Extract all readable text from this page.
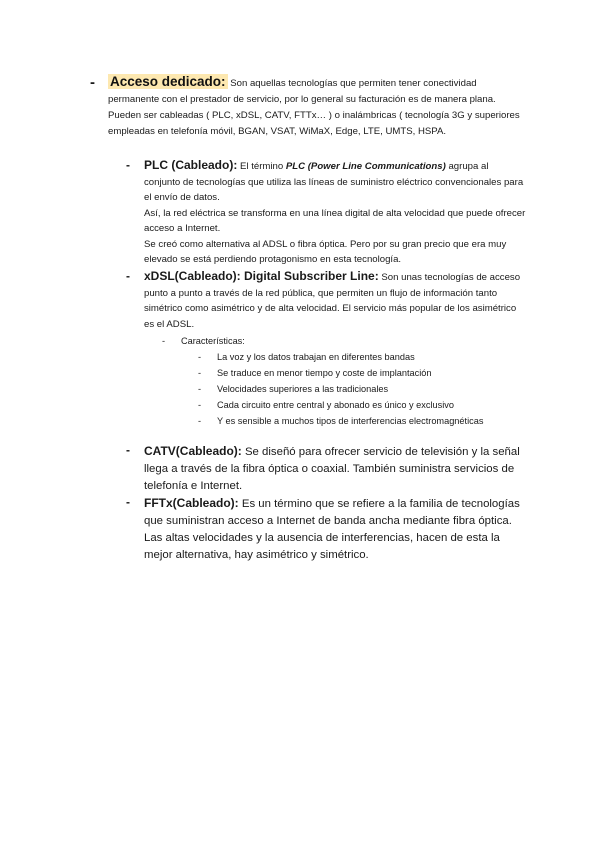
- Acceso dedicado: Son aquellas tecnologías que permiten tener conectividad permanente con el prestador de servicio, por lo general su facturación es de manera plana. Pueden ser cableadas ( PLC, xDSL, CATV, FTTx… ) o inalámbricas ( tecnología 3G y superiores empleadas en telefonía móvil, BGAN, VSAT, WiMaX, Edge, LTE, UMTS, HSPA.
- PLC (Cableado): El término PLC (Power Line Communications) agrupa al conjunto de tecnologías que utiliza las líneas de suministro eléctrico convencionales para el envío de datos.
Así, la red eléctrica se transforma en una línea digital de alta velocidad que puede ofrecer acceso a Internet.
Se creó como alternativa al ADSL o fibra óptica. Pero por su gran precio que era muy elevado se está perdiendo protagonismo en esta tecnología.
- xDSL(Cableado): Digital Subscriber Line: Son unas tecnologías de acceso punto a punto a través de la red pública, que permiten un flujo de información tanto simétrico como asimétrico y de alta velocidad. El servicio más popular de los asimétrico es el ADSL.
- Características:
- La voz y los datos trabajan en diferentes bandas
- Se traduce en menor tiempo y coste de implantación
- Velocidades superiores a las tradicionales
- Cada circuito entre central y abonado es único y exclusivo
- Y es sensible a muchos tipos de interferencias electromagnéticas
- CATV(Cableado): Se diseñó para ofrecer servicio de televisión y la señal llega a través de la fibra óptica o coaxial. También suministra servicios de telefonía e Internet.
- FFTx(Cableado): Es un término que se refiere a la familia de tecnologías que suministran acceso a Internet de banda ancha mediante fibra óptica. Las altas velocidades y la ausencia de interferencias, hacen de esta la mejor alternativa, hay asimétrico y simétrico.
